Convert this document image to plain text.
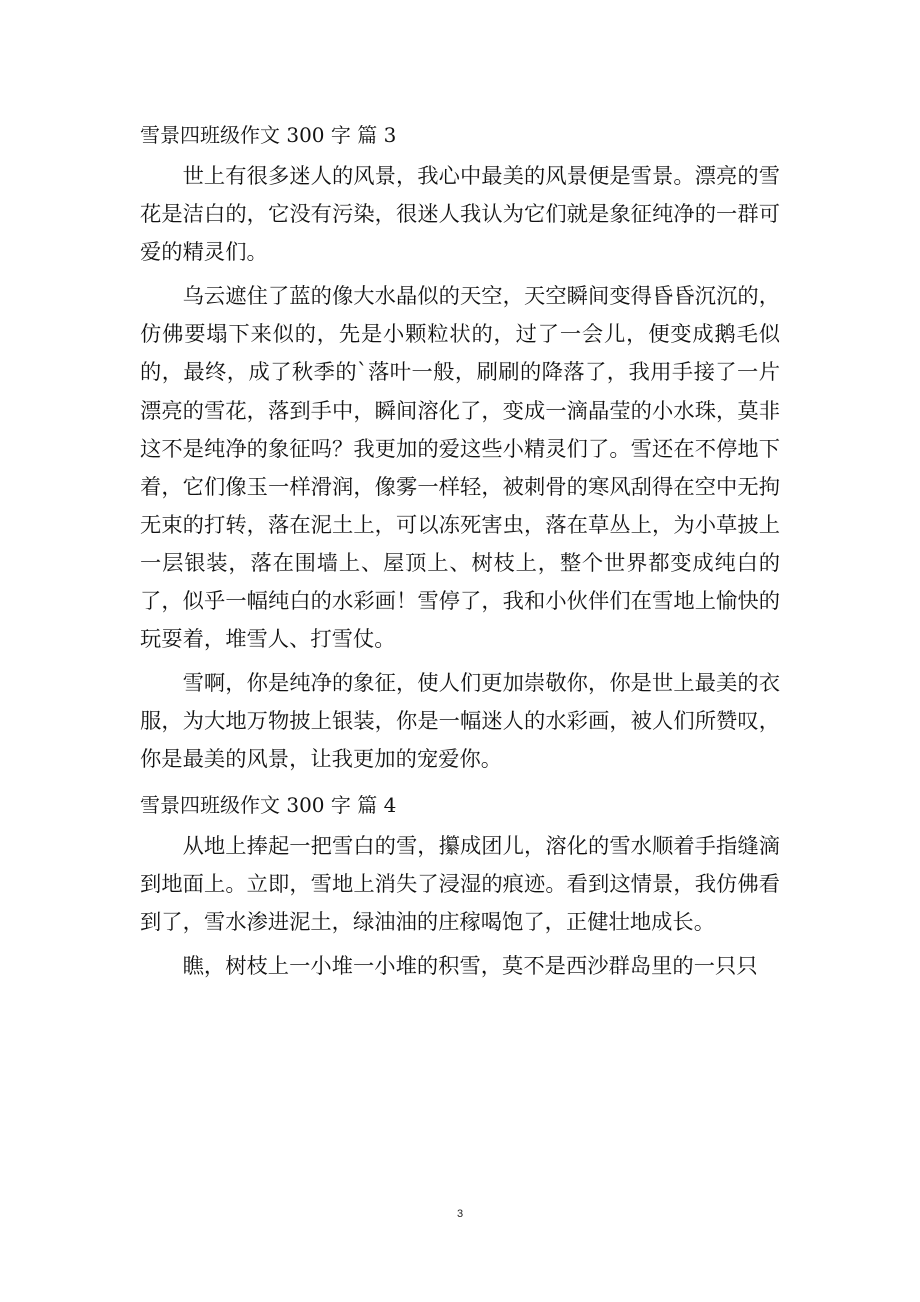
雪景四班级作文 300 字 篇 3

世上有很多迷人的风景，我心中最美的风景便是雪景。漂亮的雪花是洁白的，它没有污染，很迷人我认为它们就是象征纯净的一群可爱的精灵们。

乌云遮住了蓝的像大水晶似的天空，天空瞬间变得昏昏沉沉的，仿佛要塌下来似的，先是小颗粒状的，过了一会儿，便变成鹅毛似的，最终，成了秋季的`落叶一般，刷刷的降落了，我用手接了一片漂亮的雪花，落到手中，瞬间溶化了，变成一滴晶莹的小水珠，莫非这不是纯净的象征吗？我更加的爱这些小精灵们了。雪还在不停地下着，它们像玉一样滑润，像雾一样轻，被刺骨的寒风刮得在空中无拘无束的打转，落在泥土上，可以冻死害虫，落在草丛上，为小草披上一层银装，落在围墙上、屋顶上、树枝上，整个世界都变成纯白的了，似乎一幅纯白的水彩画！雪停了，我和小伙伴们在雪地上愉快的玩耍着，堆雪人、打雪仗。

雪啊，你是纯净的象征，使人们更加崇敬你，你是世上最美的衣服，为大地万物披上银装，你是一幅迷人的水彩画，被人们所赞叹，你是最美的风景，让我更加的宠爱你。

雪景四班级作文 300 字 篇 4

从地上捧起一把雪白的雪，攥成团儿，溶化的雪水顺着手指缝滴到地面上。立即，雪地上消失了浸湿的痕迹。看到这情景，我仿佛看到了，雪水渗进泥土，绿油油的庄稼喝饱了，正健壮地成长。

瞧，树枝上一小堆一小堆的积雪，莫不是西沙群岛里的一只只

3
